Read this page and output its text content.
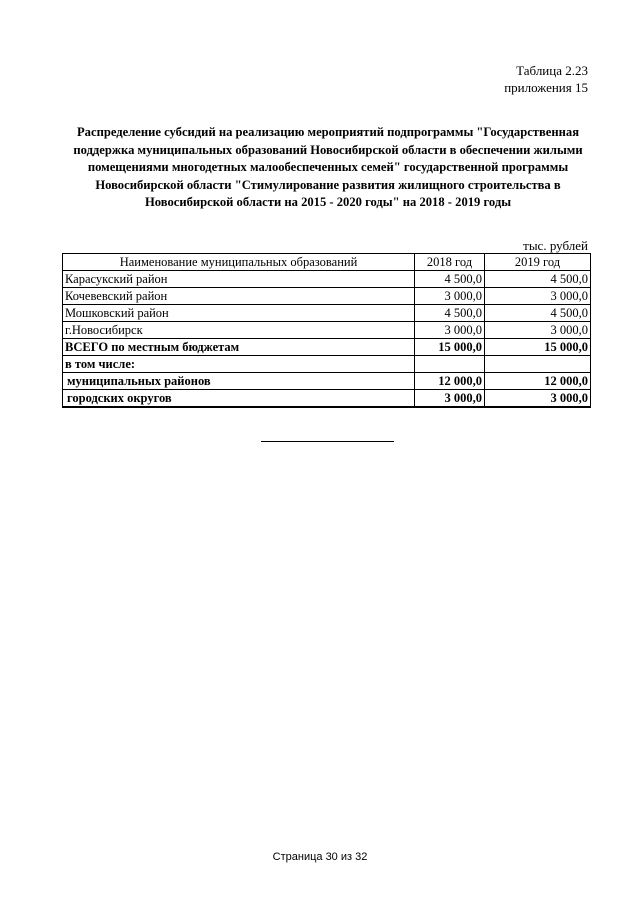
Таблица 2.23
приложения 15
Распределение субсидий на реализацию мероприятий подпрограммы "Государственная
поддержка муниципальных образований Новосибирской области в обеспечении жилыми
помещениями многодетных малообеспеченных семей" государственной программы
Новосибирской области "Стимулирование развития жилищного строительства в
Новосибирской области на 2015 - 2020 годы" на 2018 - 2019 годы
тыс. рублей
Наименование муниципальных образований	2018 год	2019 год
Карасукский район	4 500,0	4 500,0
Кочевевский район	3 000,0	3 000,0
Мошковский район	4 500,0	4 500,0
г.Новосибирск	3 000,0	3 000,0
ВСЕГО по местным бюджетам	15 000,0	15 000,0
в том числе:		
муниципальных районов	12 000,0	12 000,0
городских округов	3 000,0	3 000,0
Страница 30 из 32
